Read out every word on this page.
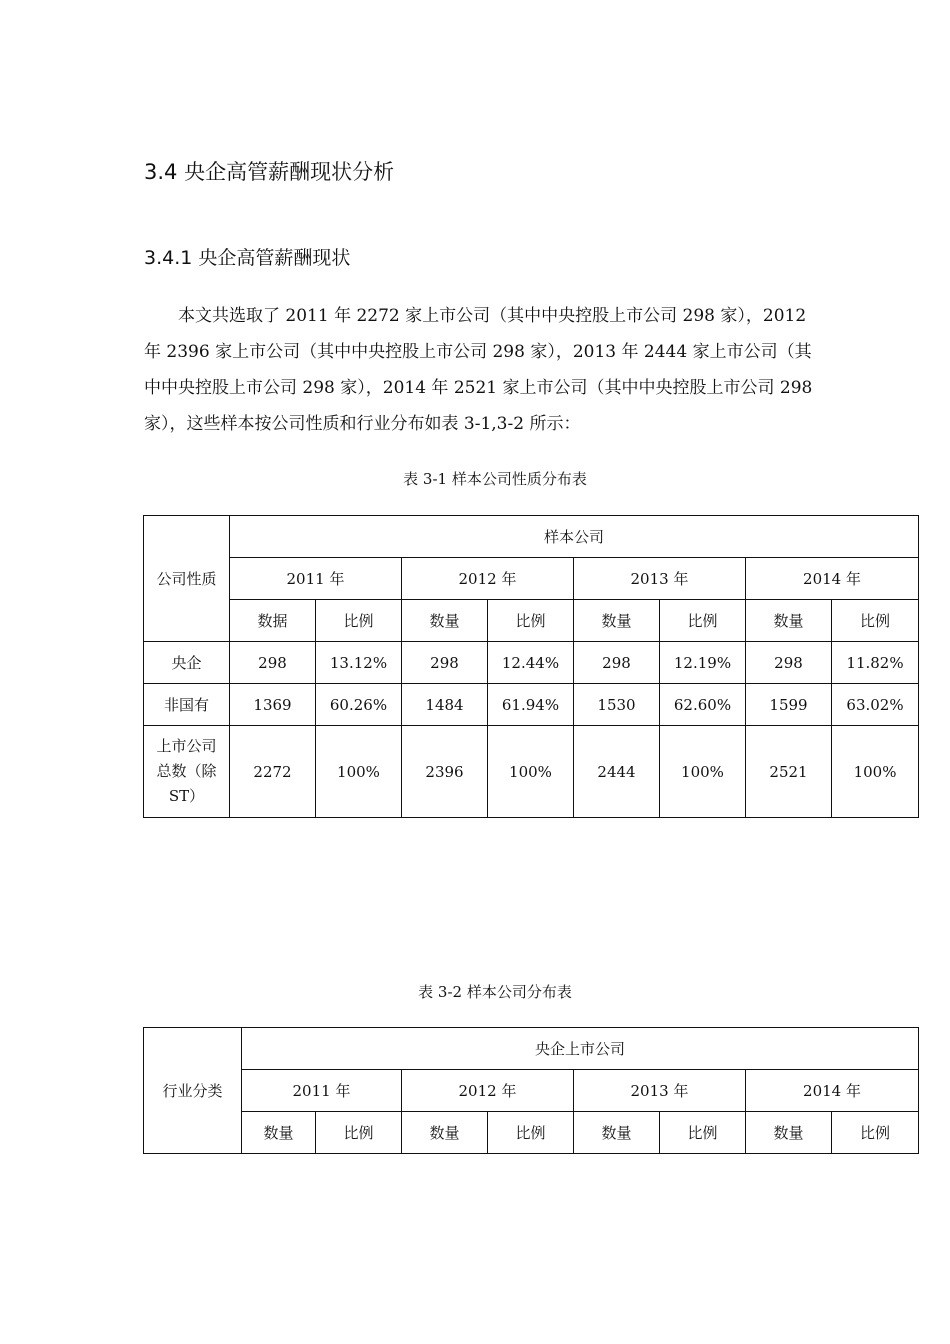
3.4 央企高管薪酬现状分析
3.4.1 央企高管薪酬现状

本文共选取了 2011 年 2272 家上市公司（其中中央控股上市公司 298 家），2012 年 2396 家上市公司（其中中央控股上市公司 298 家），2013 年 2444 家上市公司（其中中央控股上市公司 298 家），2014 年 2521 家上市公司（其中中央控股上市公司 298 家），这些样本按公司性质和行业分布如表 3-1,3-2 所示：

表 3-1 样本公司性质分布表
公司性质	样本公司							
	2011 年		2012 年		2013 年		2014 年	
	数据	比例	数量	比例	数量	比例	数量	比例
央企	298	13.12%	298	12.44%	298	12.19%	298	11.82%
非国有	1369	60.26%	1484	61.94%	1530	62.60%	1599	63.02%
上市公司总数（除ST）	2272	100%	2396	100%	2444	100%	2521	100%
表 3-2 样本公司分布表
行业分类	央企上市公司							
	2011 年		2012 年		2013 年		2014 年	
	数量	比例	数量	比例	数量	比例	数量	比例
